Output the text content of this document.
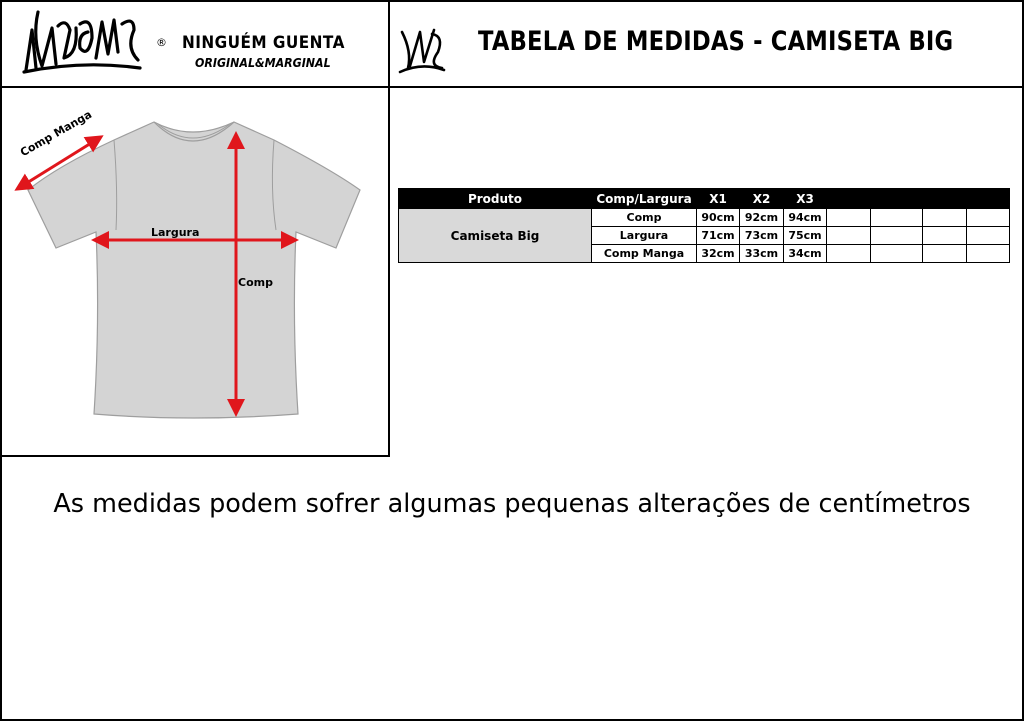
® NINGUÉM GUENTA
ORIGINAL&MARGINAL
TABELA DE MEDIDAS - CAMISETA BIG
Comp Manga
Largura
Comp
Produto	Comp/Largura	X1	X2	X3				
Camiseta Big	Comp	90cm	92cm	94cm				
	Largura	71cm	73cm	75cm				
	Comp Manga	32cm	33cm	34cm				
As medidas podem sofrer algumas pequenas alterações de centímetros
